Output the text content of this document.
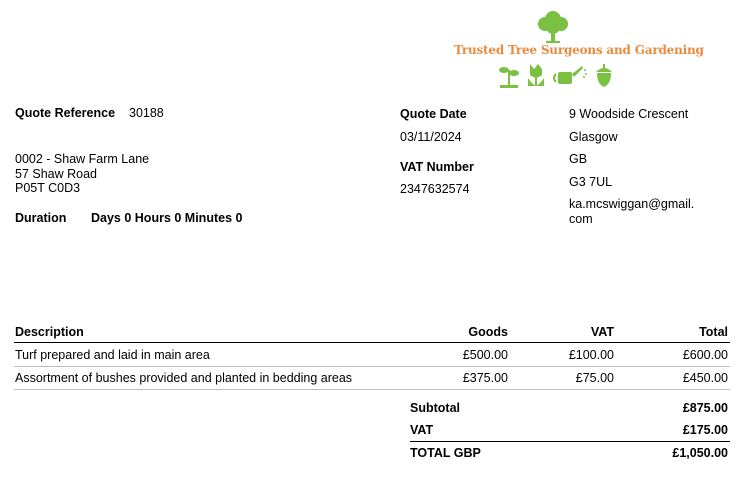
Trusted Tree Surgeons and Gardening
Quote Reference 30188
0002 - Shaw Farm Lane
57 Shaw Road
P05T C0D3
Duration Days 0 Hours 0 Minutes 0
Quote Date
03/11/2024
VAT Number
2347632574
9 Woodside Crescent
Glasgow
GB
G3 7UL
ka.mcswiggan@gmail.
com
Description	Goods	VAT	Total
Turf prepared and laid in main area	£500.00	£100.00	£600.00
Assortment of bushes provided and planted in bedding areas	£375.00	£75.00	£450.00
Subtotal	£875.00
VAT	£175.00
TOTAL GBP	£1,050.00
